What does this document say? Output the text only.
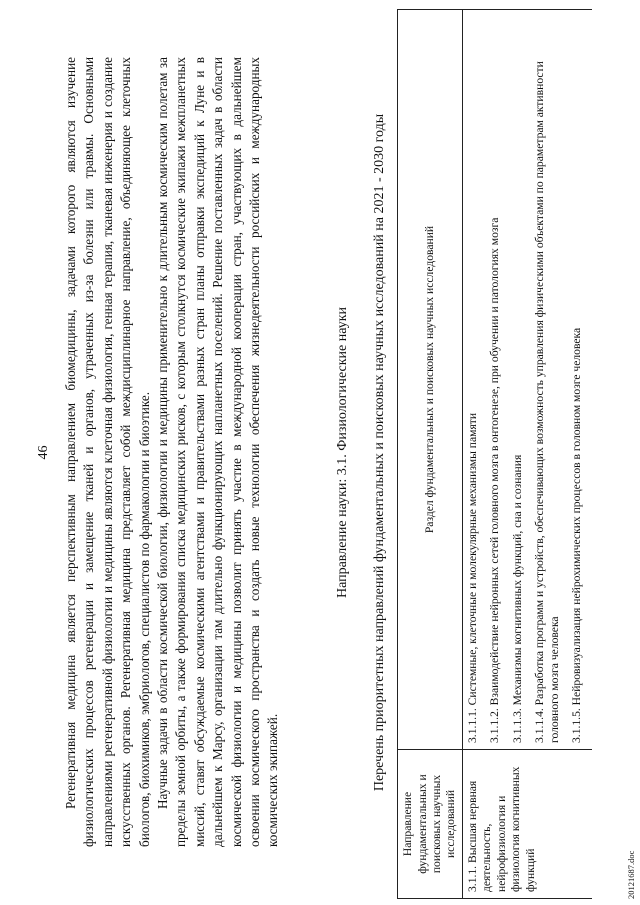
46 Регенеративная медицина является перспективным направлением биомедицины, задачами которого являются изучение физиологических процессов регенерации и замещение тканей и органов, утраченных из-за болезни или травмы. Основными направлениями регенеративной физиологии и медицины являются клеточная физиология, генная терапия, тканевая инженерия и создание искусственных органов. Регенеративная медицина представляет собой междисциплинарное направление, объединяющее клеточных биологов, биохимиков, эмбриологов, специалистов по фармакологии и биоэтике. Научные задачи в области космической биологии, физиологии и медицины применительно к длительным космическим полетам за пределы земной орбиты, а также формирования списка медицинских рисков, с которым столкнутся космические экипажи межпланетных миссий, ставят обсуждаемые космическими агентствами и правительствами разных стран планы отправки экспедиций к Луне и в дальнейшем к Марсу, организации там длительно функционирующих напланетных поселений. Решение поставленных задач в области космической физиологии и медицины позволит принять участие в международной кооперации стран, участвующих в дальнейшем освоении космического пространства и создать новые технологии обеспечения жизнедеятельности российских и международных космических экипажей.

Направление науки: 3.1. Физиологические науки Перечень приоритетных направлений фундаментальных и поисковых научных исследований на 2021 - 2030 годы
Направление фундаментальных и поисковых научных исследований	Раздел фундаментальных и поисковых научных исследований
3.1.1. Высшая нервная деятельность, нейрофизиология и физиология когнитивных функций	3.1.1.1. Системные, клеточные и молекулярные механизмы памяти 3.1.1.2. Взаимодействие нейронных сетей головного мозга в онтогенезе, при обучении и патологиях мозга 3.1.1.3. Механизмы когнитивных функций, сна и сознания 3.1.1.4. Разработка программ и устройств, обеспечивающих возможность управления физическими объектами по параметрам активности головного мозга человека 3.1.1.5. Нейровизуализация нейрохимических процессов в головном мозге человека
20121687.doc
